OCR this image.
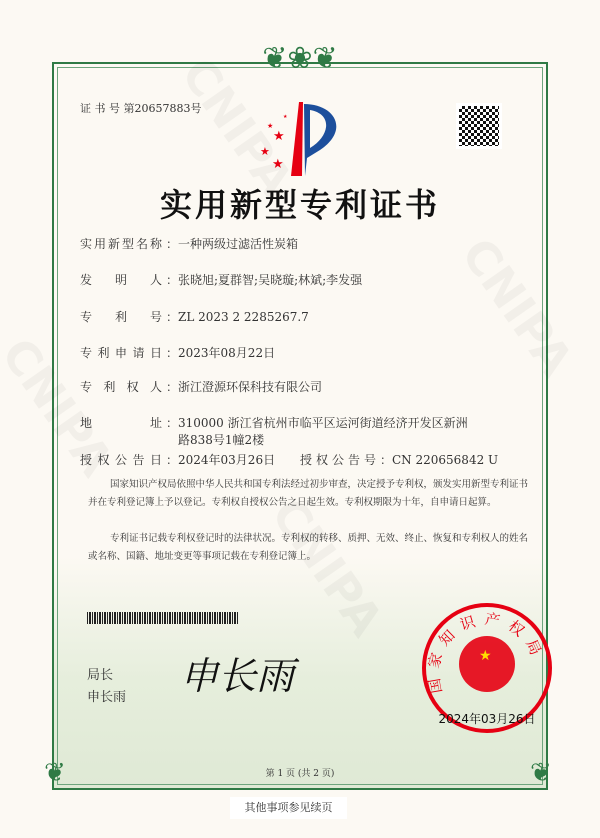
❦❀❦
❦	❦
证 书 号 第20657883号
★
★
★
★
★
实用新型专利证书
实用新型名称 ：一种两级过滤活性炭箱
发明人 ：张晓旭;夏群智;吴晓璇;林斌;李发强
专利号 ：ZL 2023 2 2285267.7
专利申请日 ：2023年08月22日
专利权人 ：浙江澄源环保科技有限公司
地址 ：310000 浙江省杭州市临平区运河街道经济开发区新洲
路838号1幢2楼
授权公告日 ：2024年03月26日 授权公告号 ：CN 220656842 U
国家知识产权局依照中华人民共和国专利法经过初步审查，决定授予专利权，颁发实用新型专利证书并在专利登记簿上予以登记。专利权自授权公告之日起生效。专利权期限为十年，自申请日起算。
专利证书记载专利权登记时的法律状况。专利权的转移、质押、无效、终止、恢复和专利权人的姓名或名称、国籍、地址变更等事项记载在专利登记簿上。
局长
申长雨 申长雨	国家知识产权局
★
2024年03月26日
第 1 页 (共 2 页)
其他事项参见续页
